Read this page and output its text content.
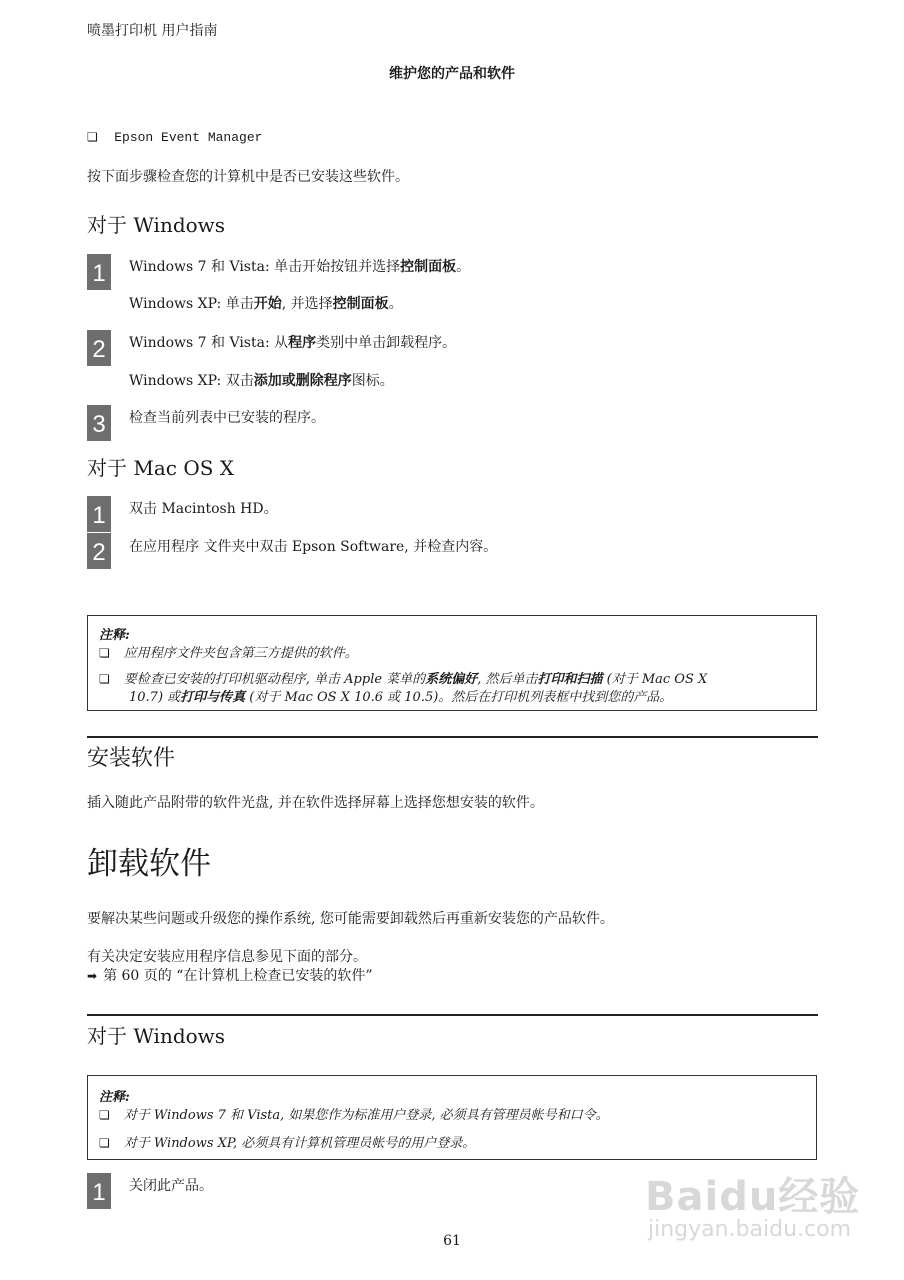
喷墨打印机 用户指南
维护您的产品和软件
❏ Epson Event Manager
按下面步骤检查您的计算机中是否已安装这些软件。
对于 Windows
1	Windows 7 和 Vista: 单击开始按钮并选择控制面板。
Windows XP: 单击开始, 并选择控制面板。
2	Windows 7 和 Vista: 从程序类别中单击卸载程序。
Windows XP: 双击添加或删除程序图标。
3	检查当前列表中已安装的程序。
对于 Mac OS X
1	双击 Macintosh HD。
2	在应用程序 文件夹中双击 Epson Software, 并检查内容。
注释:
❏ 应用程序文件夹包含第三方提供的软件。
❏ 要检查已安装的打印机驱动程序, 单击 Apple 菜单的系统偏好, 然后单击打印和扫描 (对于 Mac OS X
10.7) 或打印与传真 (对于 Mac OS X 10.6 或 10.5)。然后在打印机列表框中找到您的产品。
安装软件
插入随此产品附带的软件光盘, 并在软件选择屏幕上选择您想安装的软件。
卸载软件
要解决某些问题或升级您的操作系统, 您可能需要卸载然后再重新安装您的产品软件。
有关决定安装应用程序信息参见下面的部分。
➡ 第 60 页的 “在计算机上检查已安装的软件”
对于 Windows
注释:
❏ 对于 Windows 7 和 Vista, 如果您作为标准用户登录, 必须具有管理员帐号和口令。
❏ 对于 Windows XP, 必须具有计算机管理员帐号的用户登录。
1	关闭此产品。
61
Baidu经验
jingyan.baidu.com
